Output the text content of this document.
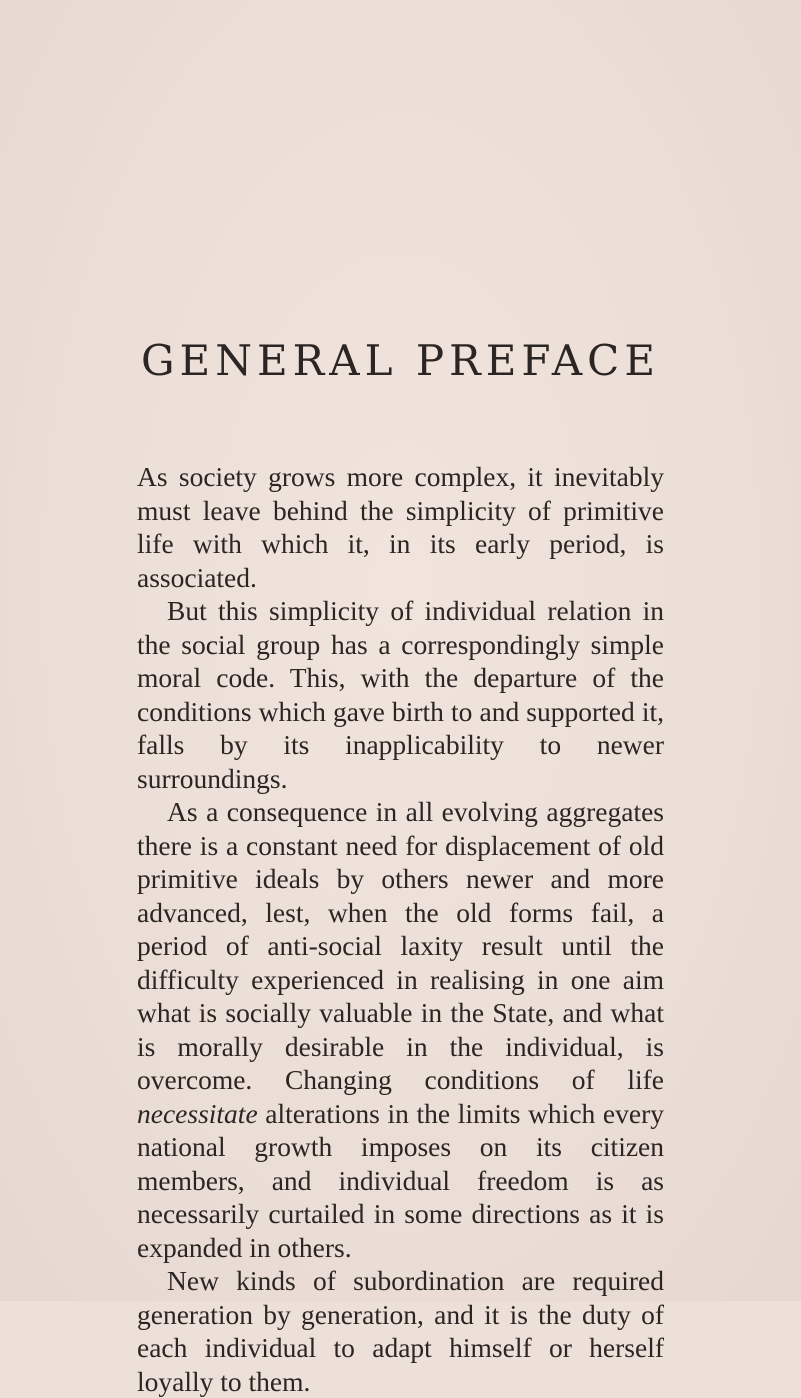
GENERAL PREFACE

As society grows more complex, it inevitably must leave behind the simplicity of primitive life with which it, in its early period, is associated.

But this simplicity of individual relation in the social group has a correspondingly simple moral code. This, with the departure of the conditions which gave birth to and supported it, falls by its inapplicability to newer surroundings.

As a consequence in all evolving aggregates there is a constant need for displacement of old primitive ideals by others newer and more advanced, lest, when the old forms fail, a period of anti-social laxity result until the difficulty experienced in realising in one aim what is socially valuable in the State, and what is morally desirable in the individual, is overcome. Changing conditions of life necessitate alterations in the limits which every national growth imposes on its citizen members, and individual freedom is as necessarily curtailed in some directions as it is expanded in others.

New kinds of subordination are required generation by generation, and it is the duty of each individual to adapt himself or herself loyally to them.
